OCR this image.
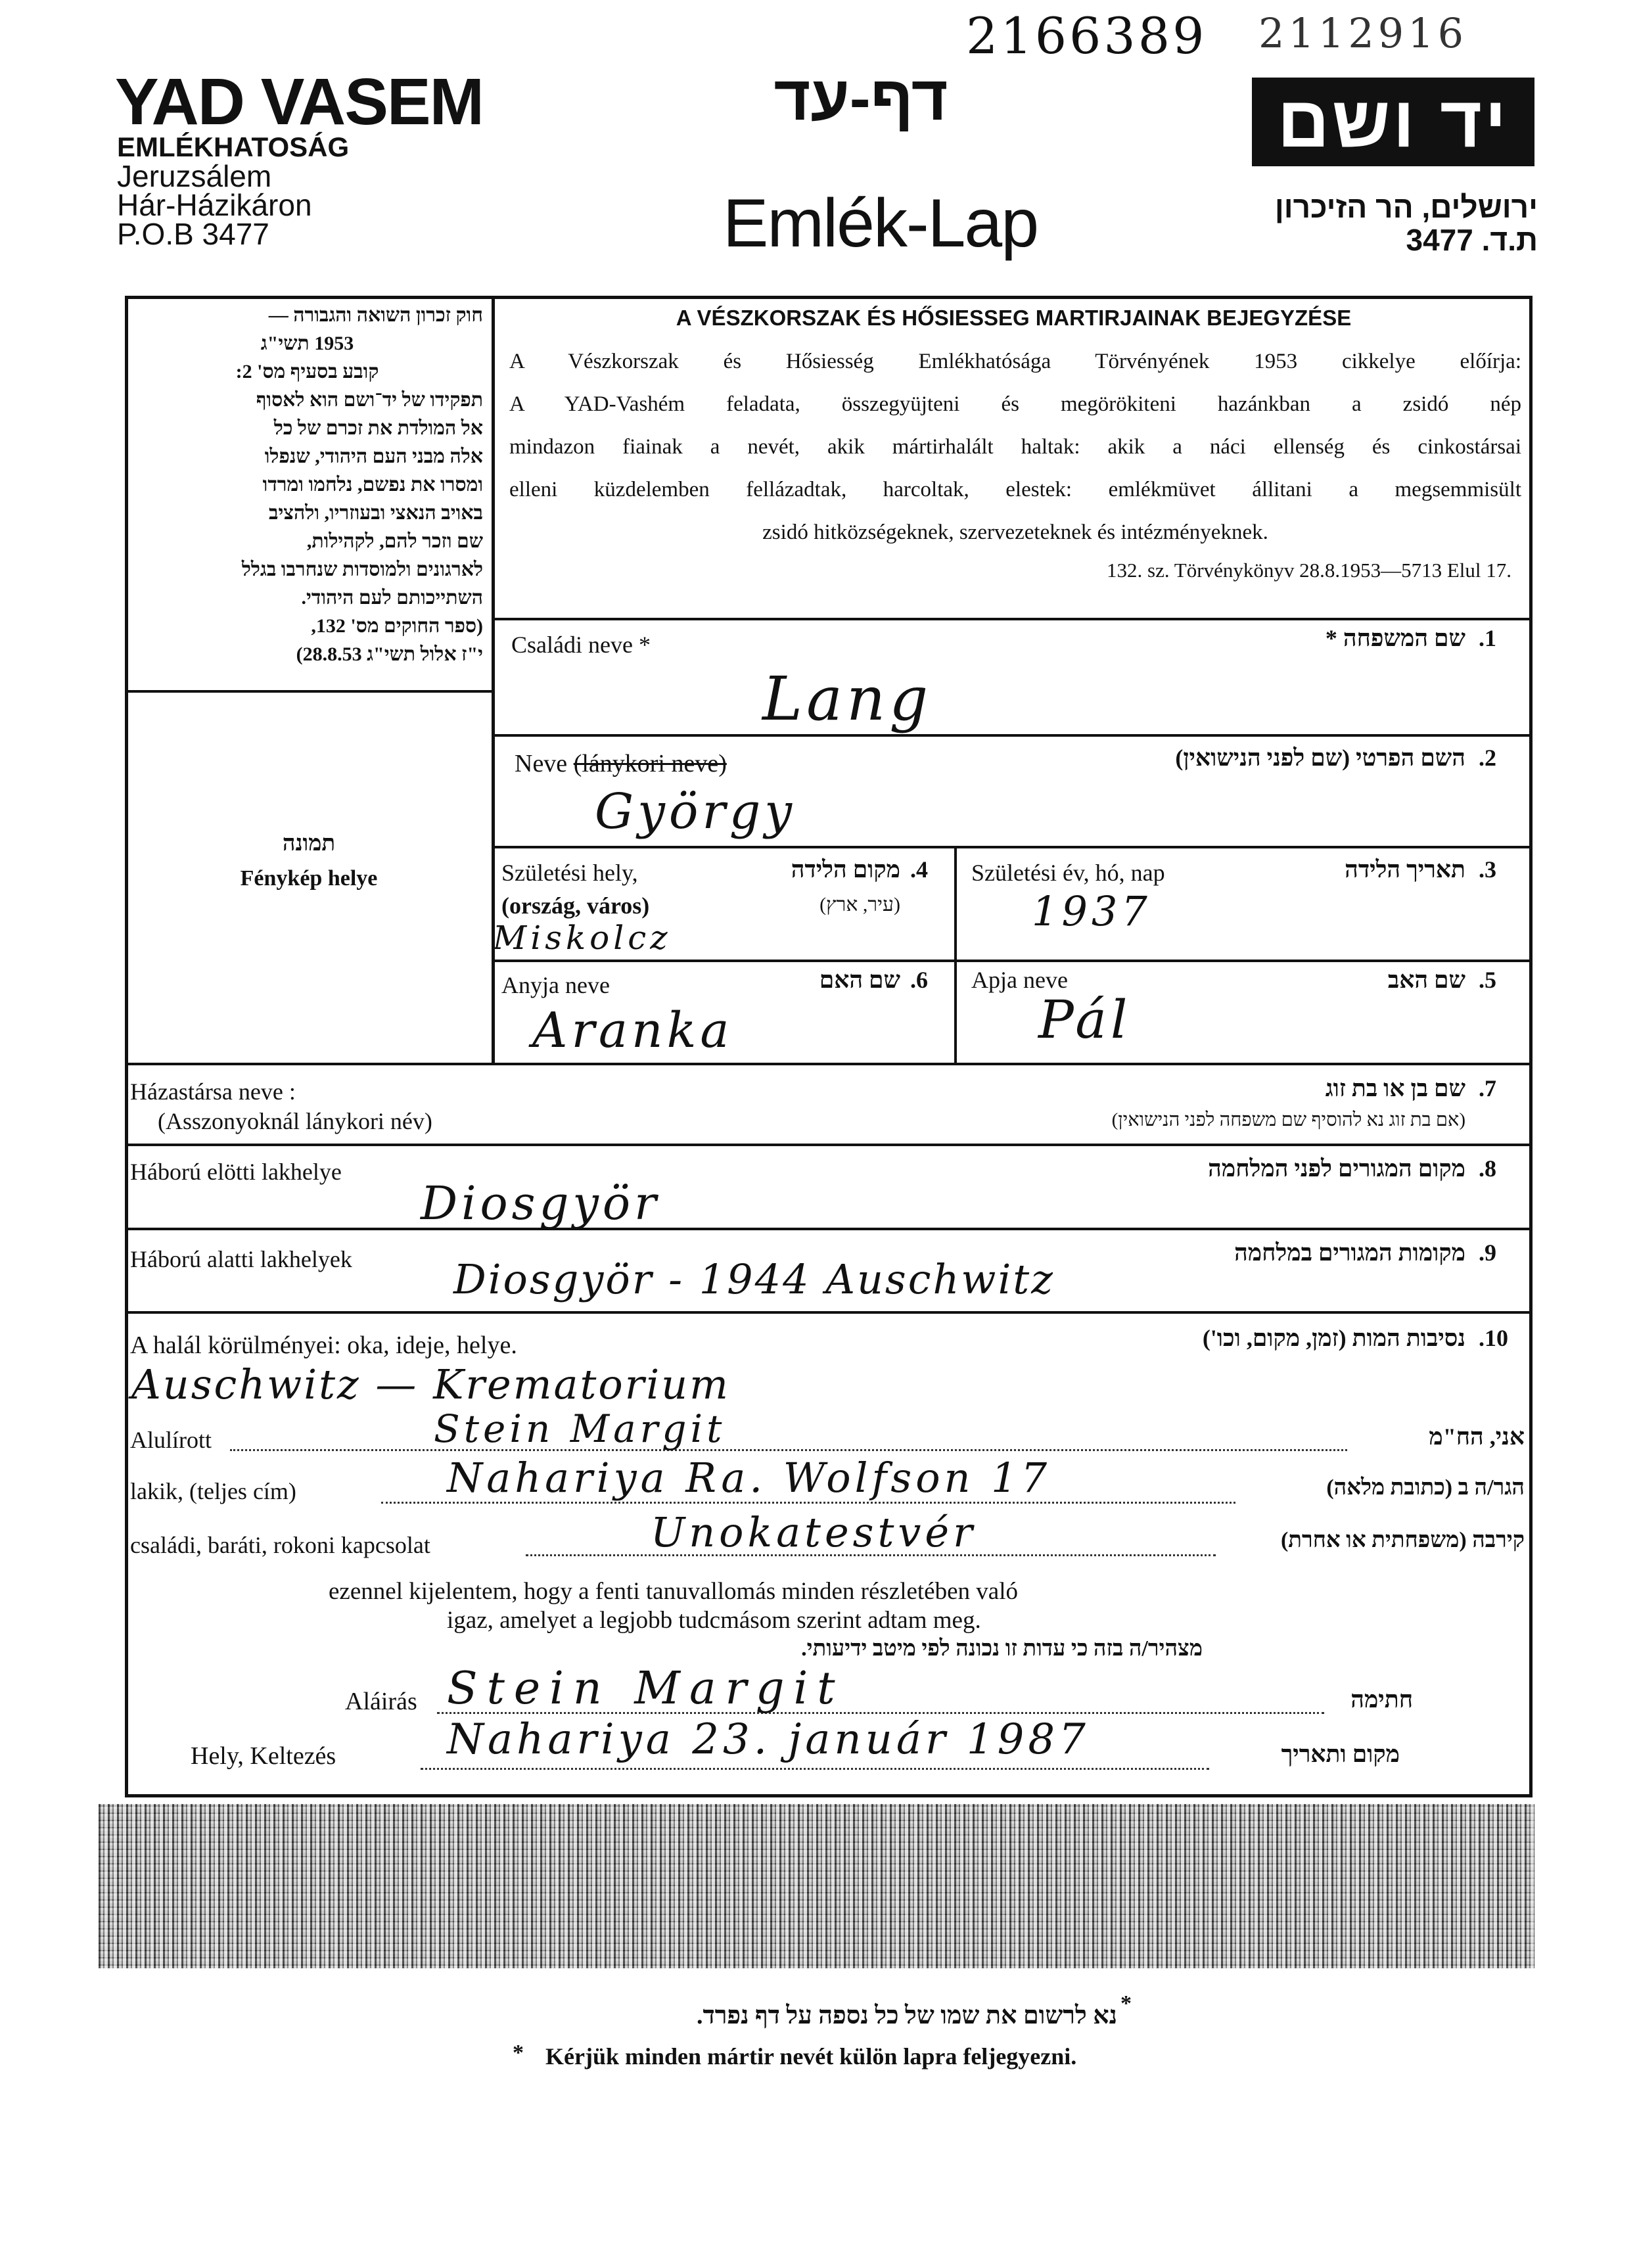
2166389 2112916
YAD VASEM
EMLÉKHATOSÁG
Jeruzsálem
Hár-Házikáron
P.O.B 3477
דף-עד
Emlék-Lap
יד ושם
ירושלים, הר הזיכרון
ת.ד. 3477
חוק זכרון השואה והגבורה —
1953 תשי"ג
קובע בסעיף מס' 2:
תפקידו של יד־ושם הוא לאסוף
אל המולדת את זכרם של כל
אלה מבני העם היהודי, שנפלו
ומסרו את נפשם, נלחמו ומרדו
באויב הנאצי ובעוזריו, ולהציב
שם וזכר להם, לקהילות,
לארגונים ולמוסדות שנחרבו בגלל
השתייכותם לעם היהודי.
(ספר החוקים מס' 132,
י"ז אלול תשי"ג 28.8.53)
תמונה
Fénykép helye
A VÉSZKORSZAK ÉS HŐSIESSEG MARTIRJAINAK BEJEGYZÉSE
A Vészkorszak és Hősiesség Emlékhatósága Törvényének 1953 cikkelye előírja:
A YAD-Vashém feladata, összegyüjteni és megörökiteni hazánkban a zsidó nép
mindazon fiainak a nevét, akik mártirhalált haltak: akik a náci ellenség és cinkostársai
elleni küzdelemben fellázadtak, harcoltak, elestek: emlékmüvet állitani a megsemmisült
zsidó hitközségeknek, szervezeteknek és intézményeknek.
132. sz. Törvénykönyv 28.8.1953—5713 Elul 17.
Családi neve *	שם המשפחה * .1
Lang
Neve (lánykori neve)	השם הפרטי (שם לפני הנישואין) .2
György
Születési hely,
(ország, város)
מקום הלידה
(עיר, ארץ)
.4
Miskolcz
Születési év, hó, nap	תאריך הלידה .3
1937
Anyja neve	שם האם .6
Aranka
Apja neve	שם האב .5
Pál
Házastársa neve :
(Asszonyoknál lánykori név)
שם בן או בת זוג
(אם בת זוג נא להוסיף שם משפחה לפני הנישואין)
.7
Háború elötti lakhelye	מקום המגורים לפני המלחמה .8
Diosgyör
Háború alatti lakhelyek	מקומות המגורים במלחמה .9
Diosgyör - 1944 Auschwitz
A halál körülményei: oka, ideje, helye.	נסיבות המות (זמן, מקום, וכו') .10
Auschwitz — Krematorium
Alulírott	אני, הח"מ
Stein Margit
lakik, (teljes cím)	הגר/ה ב (כתובת מלאה)
Nahariya Ra. Wolfson 17
családi, baráti, rokoni kapcsolat	קירבה (משפחתית או אחרת)
Unokatestvér
ezennel kijelentem, hogy a fenti tanuvallomás minden részletében való
igaz, amelyet a legjobb tudcmásom szerint adtam meg.
מצהיר/ה בזה כי עדות זו נכונה לפי מיטב ידיעותי.
Aláirás	חתימה
Stein Margit
Hely, Keltezés	מקום ותאריך
Nahariya 23. január 1987
נא לרשום את שמו של כל נספה על דף נפרד. *
* Kérjük minden mártir nevét külön lapra feljegyezni.
